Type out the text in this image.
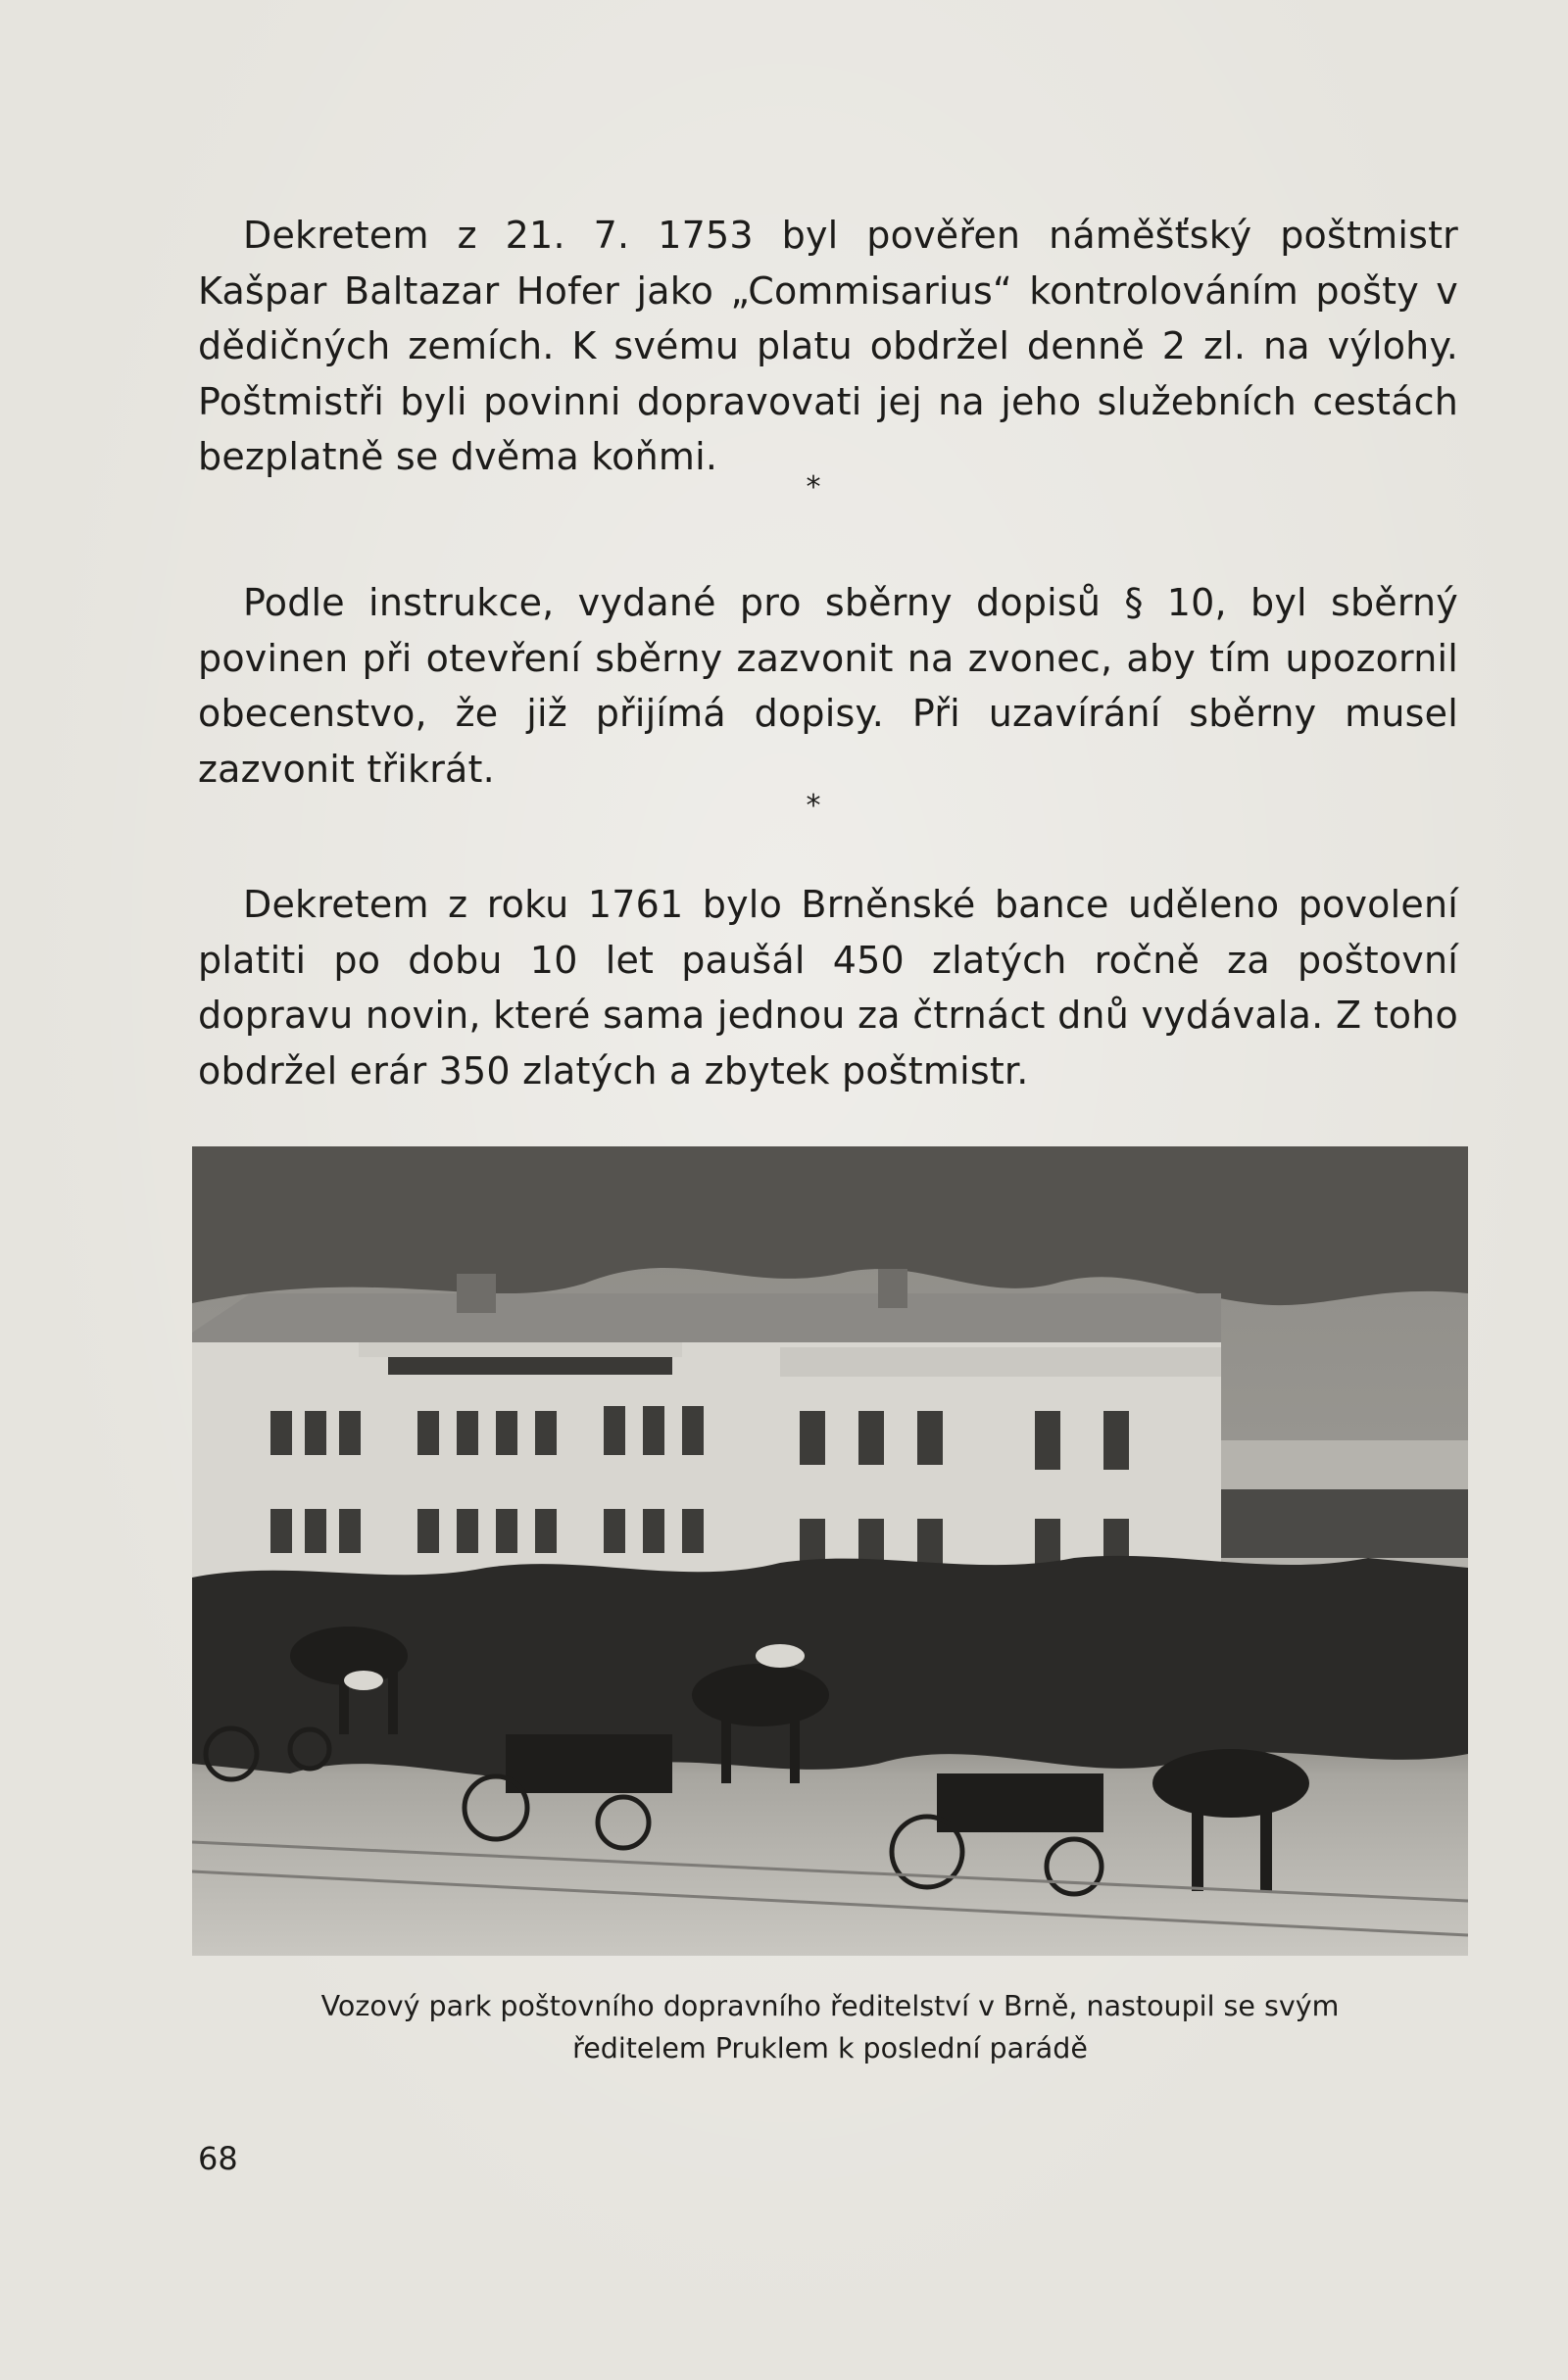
Dekretem z 21. 7. 1753 byl pověřen náměšťský poštmistr Kašpar Baltazar Hofer jako „Commisarius“ kontrolováním pošty v dědičných zemích. K svému platu obdržel denně 2 zl. na výlohy. Poštmistři byli povinni dopravovati jej na jeho služebních cestách bezplatně se dvěma koňmi.

*

Podle instrukce, vydané pro sběrny dopisů § 10, byl sběrný povinen při otevření sběrny zazvonit na zvonec, aby tím upozornil obecenstvo, že již přijímá dopisy. Při uzavírání sběrny musel zazvonit třikrát.

*

Dekretem z roku 1761 bylo Brněnské bance uděleno povolení platiti po dobu 10 let paušál 450 zlatých ročně za poštovní dopravu novin, které sama jednou za čtrnáct dnů vydávala. Z toho obdržel erár 350 zlatých a zbytek poštmistr.

Vozový park poštovního dopravního ředitelství v Brně, nastoupil se svým
ředitelem Pruklem k poslední parádě
68
